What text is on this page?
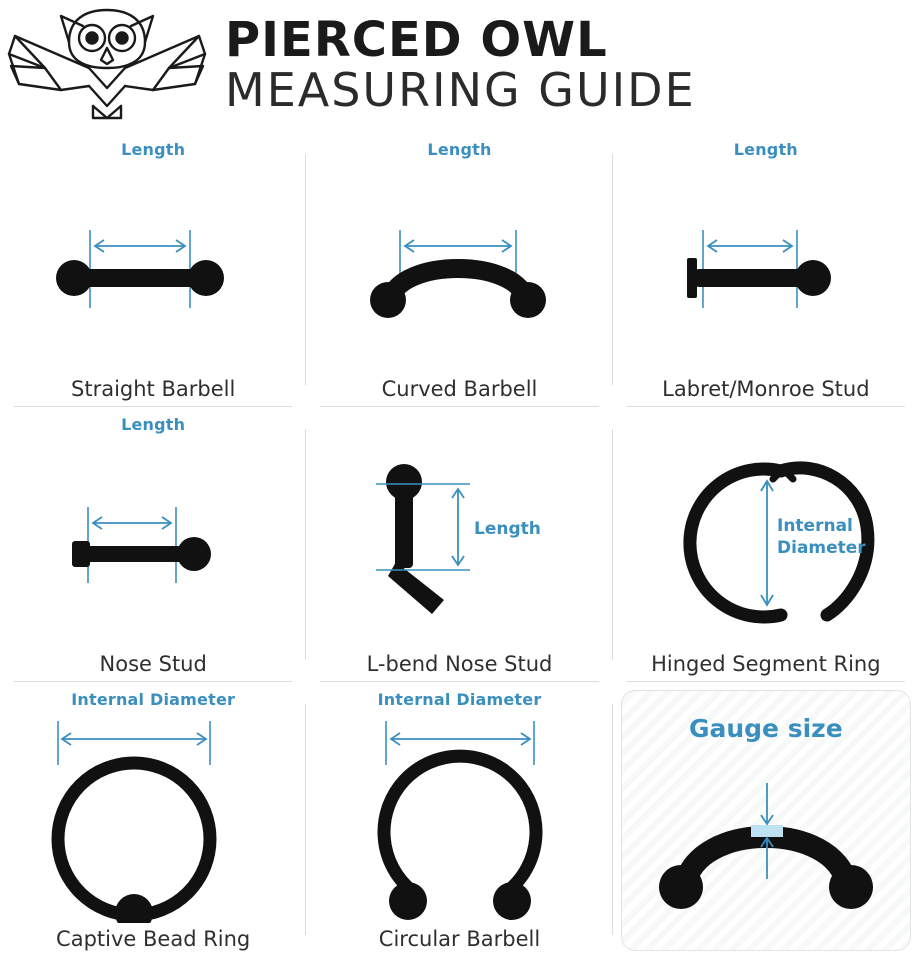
PIERCED OWL
MEASURING GUIDE
Length
Straight Barbell
Length
Curved Barbell
Length
Labret/Monroe Stud
Length
Nose Stud
Length
L-bend Nose Stud
Internal
Diameter
Hinged Segment Ring
Internal Diameter
Captive Bead Ring
Internal Diameter
Circular Barbell
Gauge size
